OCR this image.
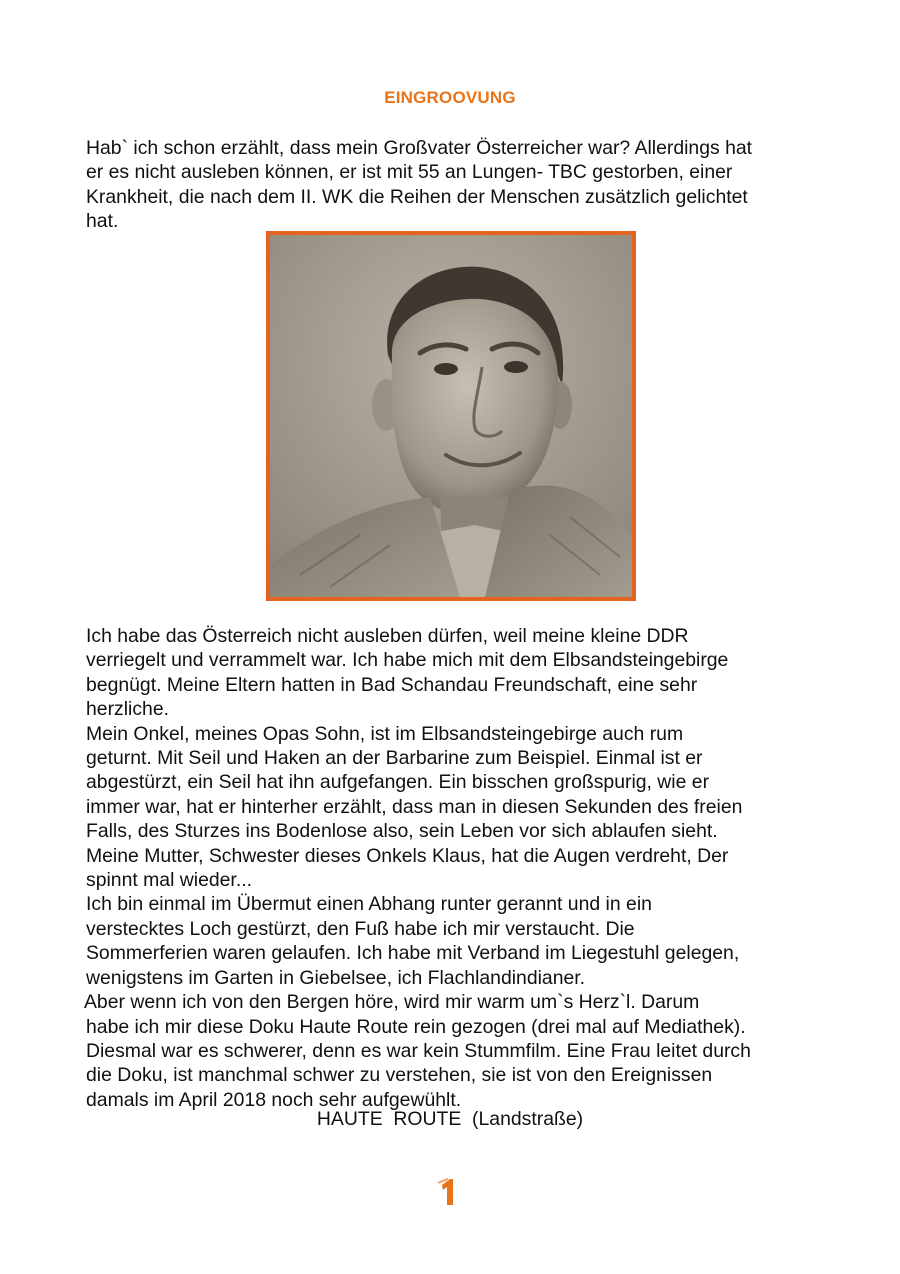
EINGROOVUNG
Hab` ich schon erzählt, dass mein Großvater Österreicher war? Allerdings hat
er es nicht ausleben können, er ist mit 55 an Lungen- TBC gestorben, einer
Krankheit, die nach dem II. WK die Reihen der Menschen zusätzlich gelichtet
hat.
Ich habe das Österreich nicht ausleben dürfen, weil meine kleine DDR
verriegelt und verrammelt war. Ich habe mich mit dem Elbsandsteingebirge
begnügt. Meine Eltern hatten in Bad Schandau Freundschaft, eine sehr
herzliche.
Mein Onkel, meines Opas Sohn, ist im Elbsandsteingebirge auch rum
geturnt. Mit Seil und Haken an der Barbarine zum Beispiel. Einmal ist er
abgestürzt, ein Seil hat ihn aufgefangen. Ein bisschen großspurig, wie er
immer war, hat er hinterher erzählt, dass man in diesen Sekunden des freien
Falls, des Sturzes ins Bodenlose also, sein Leben vor sich ablaufen sieht.
Meine Mutter, Schwester dieses Onkels Klaus, hat die Augen verdreht, Der
spinnt mal wieder...
Ich bin einmal im Übermut einen Abhang runter gerannt und in ein
verstecktes Loch gestürzt, den Fuß habe ich mir verstaucht. Die
Sommerferien waren gelaufen. Ich habe mit Verband im Liegestuhl gelegen,
wenigstens im Garten in Giebelsee, ich Flachlandindianer.
Aber wenn ich von den Bergen höre, wird mir warm um`s Herz`l. Darum
habe ich mir diese Doku Haute Route rein gezogen (drei mal auf Mediathek).
Diesmal war es schwerer, denn es war kein Stummfilm. Eine Frau leitet durch
die Doku, ist manchmal schwer zu verstehen, sie ist von den Ereignissen
damals im April 2018 noch sehr aufgewühlt.
HAUTE  ROUTE  (Landstraße)
